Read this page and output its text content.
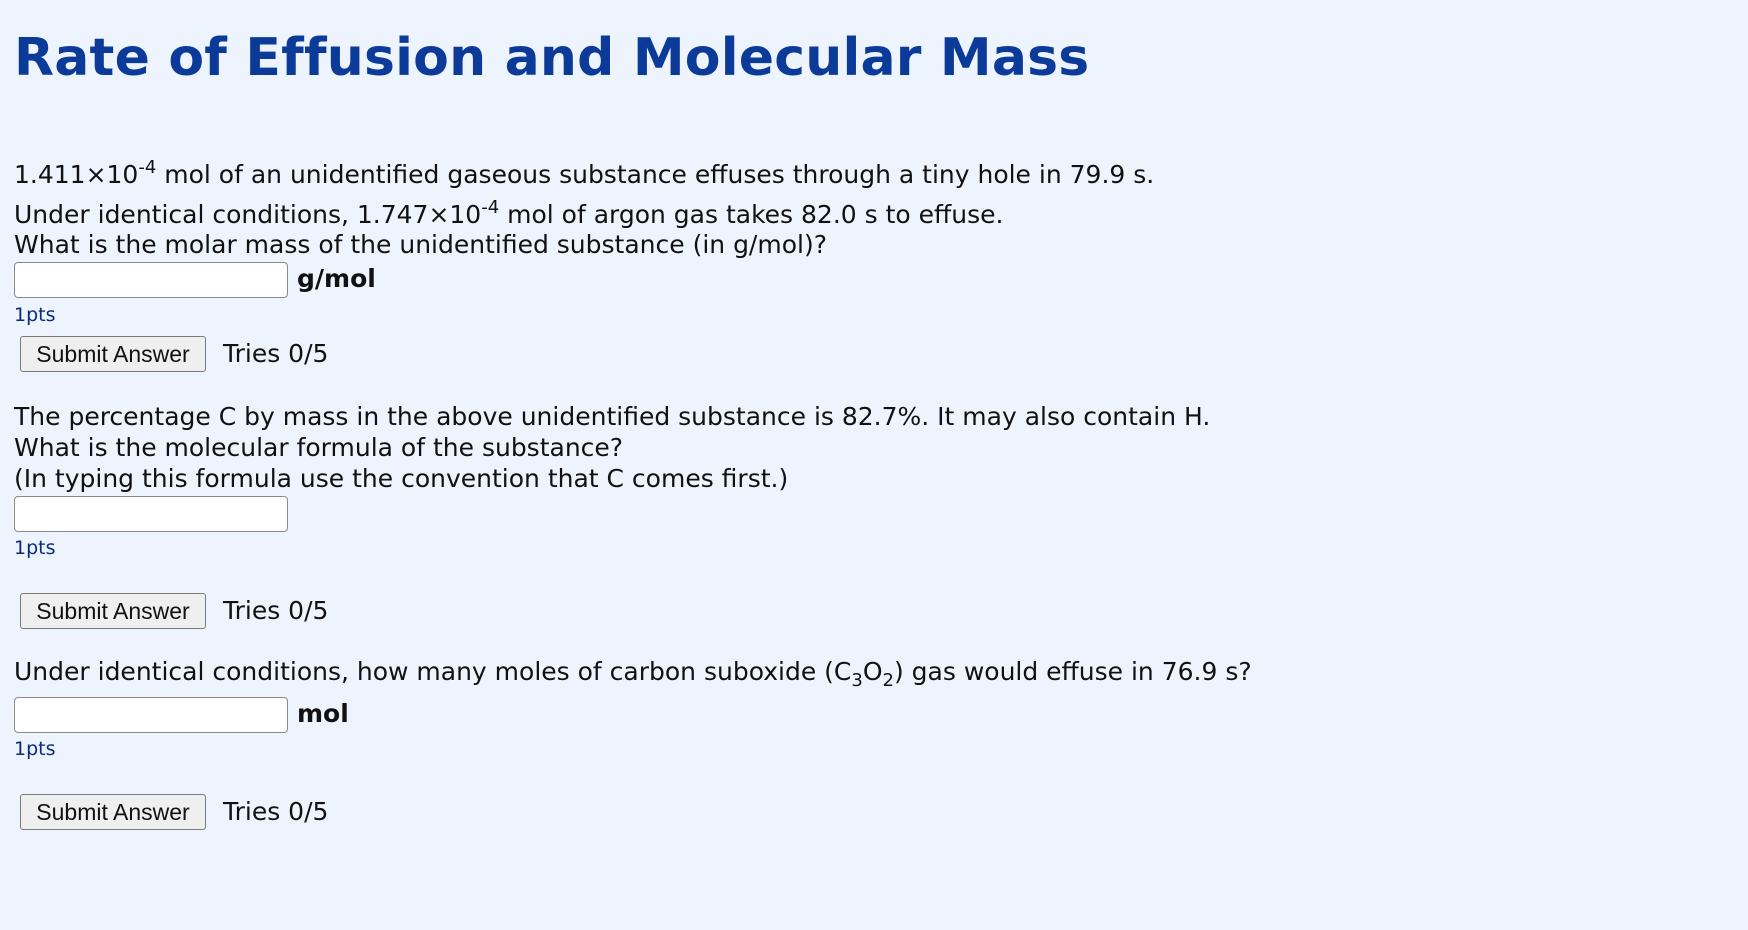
Rate of Effusion and Molecular Mass
$1.411\times 10^{-4}$ mol of an unidentified gaseous substance effuses through a tiny hole in 79.9 s.
Under identical conditions, $1.747\times 10^{-4}$ mol of argon gas takes 82.0 s to effuse.
What is the molar mass of the unidentified substance (in g/mol)?
g/mol
1pts
Submit Answer	Tries 0/5
The percentage C by mass in the above unidentified substance is 82.7%. It may also contain H.
What is the molecular formula of the substance?
(In typing this formula use the convention that C comes first.)
1pts
Submit Answer	Tries 0/5
Under identical conditions, how many moles of carbon suboxide $(C_3O_2)$ gas would effuse in 76.9 s?
mol
1pts
Submit Answer	Tries 0/5
